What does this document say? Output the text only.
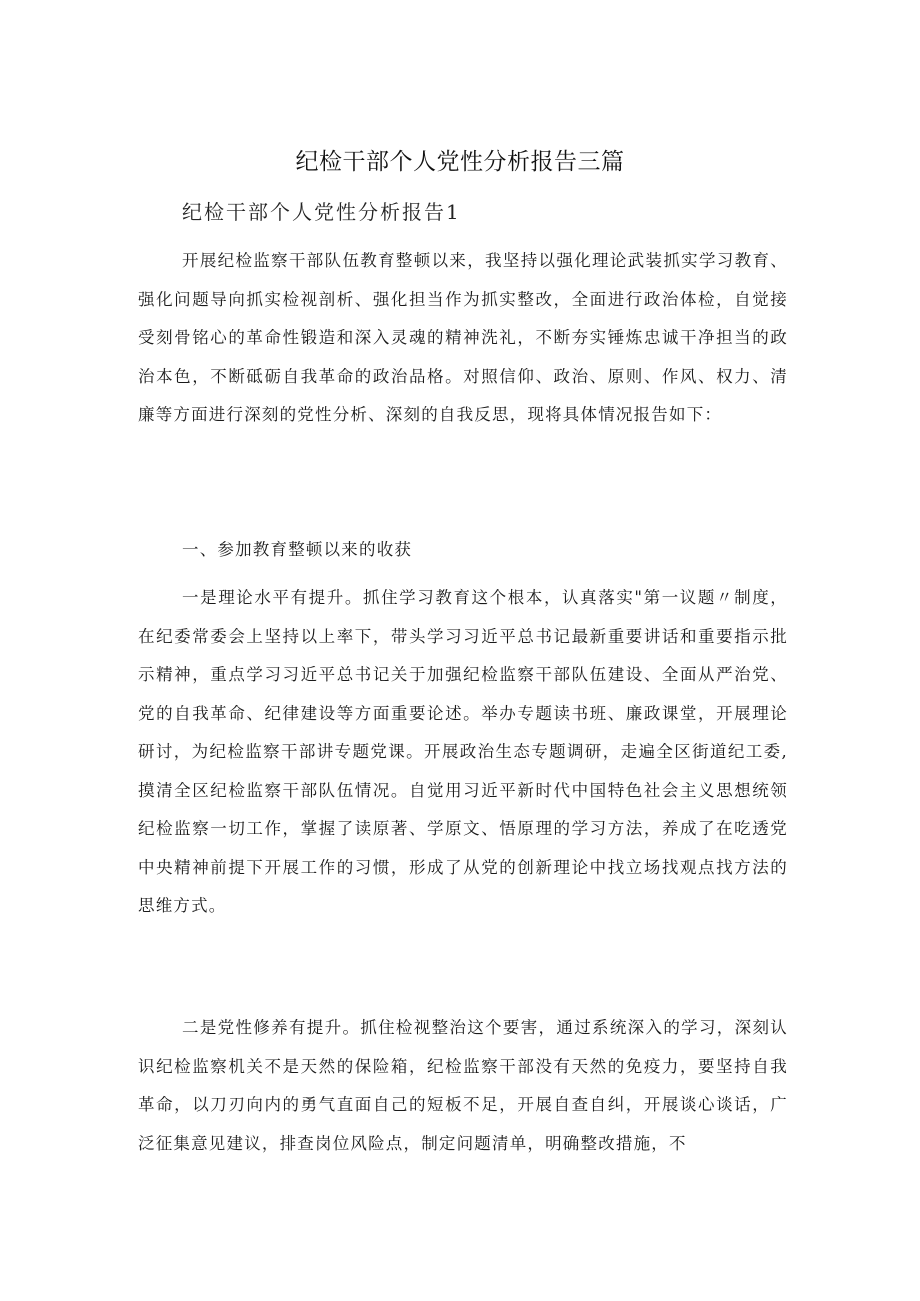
纪检干部个人党性分析报告三篇
纪检干部个人党性分析报告1

开展纪检监察干部队伍教育整顿以来，我坚持以强化理论武装抓实学习教育、强化问题导向抓实检视剖析、强化担当作为抓实整改，全面进行政治体检，自觉接受刻骨铭心的革命性锻造和深入灵魂的精神洗礼，不断夯实锤炼忠诚干净担当的政治本色，不断砥砺自我革命的政治品格。对照信仰、政治、原则、作风、权力、清廉等方面进行深刻的党性分析、深刻的自我反思，现将具体情况报告如下：

一、参加教育整顿以来的收获

一是理论水平有提升。抓住学习教育这个根本，认真落实"第一议题〃制度，在纪委常委会上坚持以上率下，带头学习习近平总书记最新重要讲话和重要指示批示精神，重点学习习近平总书记关于加强纪检监察干部队伍建设、全面从严治党、党的自我革命、纪律建设等方面重要论述。举办专题读书班、廉政课堂，开展理论研讨，为纪检监察干部讲专题党课。开展政治生态专题调研，走遍全区街道纪工委,摸清全区纪检监察干部队伍情况。自觉用习近平新时代中国特色社会主义思想统领纪检监察一切工作，掌握了读原著、学原文、悟原理的学习方法，养成了在吃透党中央精神前提下开展工作的习惯，形成了从党的创新理论中找立场找观点找方法的思维方式。

二是党性修养有提升。抓住检视整治这个要害，通过系统深入的学习，深刻认识纪检监察机关不是天然的保险箱，纪检监察干部没有天然的免疫力，要坚持自我革命，以刀刃向内的勇气直面自己的短板不足，开展自查自纠，开展谈心谈话，广泛征集意见建议，排查岗位风险点，制定问题清单，明确整改措施，不
